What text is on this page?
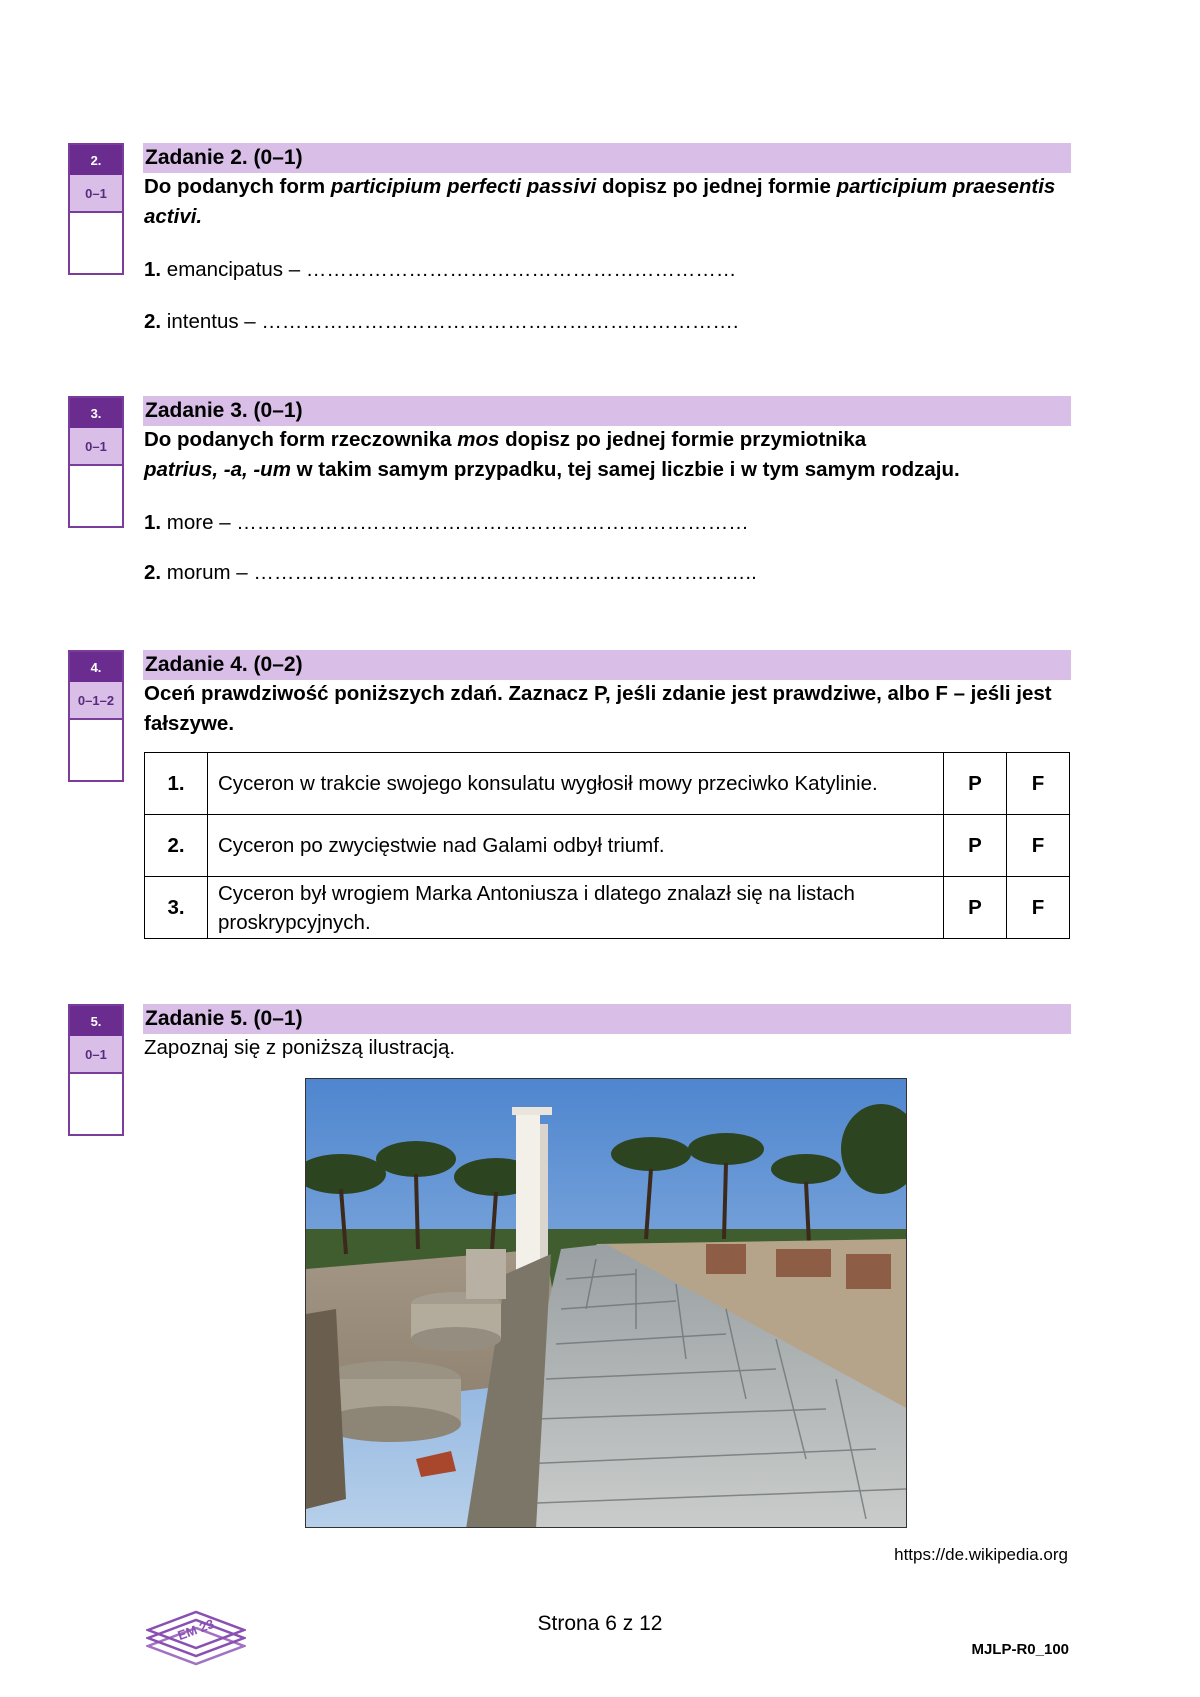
2.
0–1
Zadanie 2. (0–1)
Do podanych form participium perfecti passivi dopisz po jednej formie participium praesentis activi.
1. emancipatus – ………………………………………………………
2. intentus – …………………………………………………………….
3.
0–1
Zadanie 3. (0–1)
Do podanych form rzeczownika mos dopisz po jednej formie przymiotnika
patrius, -a, -um w takim samym przypadku, tej samej liczbie i w tym samym rodzaju.
1. more – …………………………………………………………………
2. morum – ………………………………………………………………..
4.
0–1–2
Zadanie 4. (0–2)
Oceń prawdziwość poniższych zdań. Zaznacz P, jeśli zdanie jest prawdziwe, albo F – jeśli jest fałszywe.
1.	Cyceron w trakcie swojego konsulatu wygłosił mowy przeciwko Katylinie.	P	F
2.	Cyceron po zwycięstwie nad Galami odbył triumf.	P	F
3.	Cyceron był wrogiem Marka Antoniusza i dlatego znalazł się na listach proskrypcyjnych.	P	F
5.
0–1
Zadanie 5. (0–1)
Zapoznaj się z poniższą ilustracją.
https://de.wikipedia.org
EM 23	Strona 6 z 12
MJLP-R0_100
